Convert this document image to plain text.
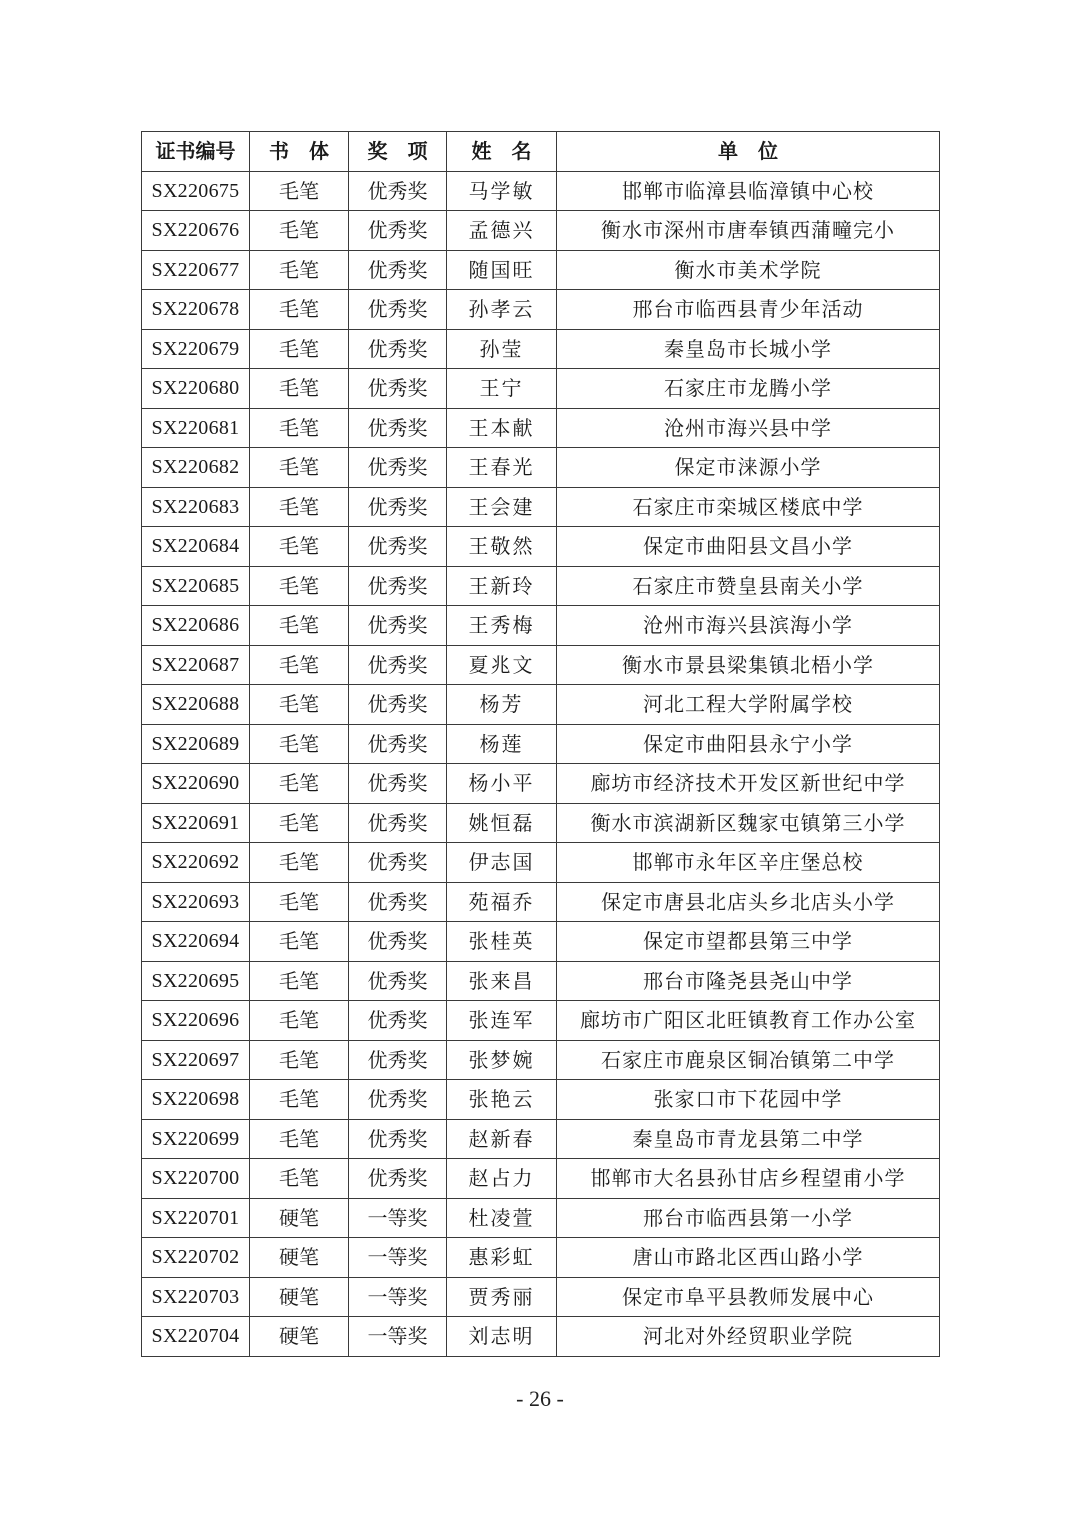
证书编号	书　体	奖　项	姓　名	单　位
SX220675	毛笔	优秀奖	马学敏	邯郸市临漳县临漳镇中心校
SX220676	毛笔	优秀奖	孟德兴	衡水市深州市唐奉镇西蒲疃完小
SX220677	毛笔	优秀奖	随国旺	衡水市美术学院
SX220678	毛笔	优秀奖	孙孝云	邢台市临西县青少年活动
SX220679	毛笔	优秀奖	孙莹	秦皇岛市长城小学
SX220680	毛笔	优秀奖	王宁	石家庄市龙腾小学
SX220681	毛笔	优秀奖	王本献	沧州市海兴县中学
SX220682	毛笔	优秀奖	王春光	保定市涞源小学
SX220683	毛笔	优秀奖	王会建	石家庄市栾城区楼底中学
SX220684	毛笔	优秀奖	王敬然	保定市曲阳县文昌小学
SX220685	毛笔	优秀奖	王新玲	石家庄市赞皇县南关小学
SX220686	毛笔	优秀奖	王秀梅	沧州市海兴县滨海小学
SX220687	毛笔	优秀奖	夏兆文	衡水市景县梁集镇北梧小学
SX220688	毛笔	优秀奖	杨芳	河北工程大学附属学校
SX220689	毛笔	优秀奖	杨莲	保定市曲阳县永宁小学
SX220690	毛笔	优秀奖	杨小平	廊坊市经济技术开发区新世纪中学
SX220691	毛笔	优秀奖	姚恒磊	衡水市滨湖新区魏家屯镇第三小学
SX220692	毛笔	优秀奖	伊志国	邯郸市永年区辛庄堡总校
SX220693	毛笔	优秀奖	苑福乔	保定市唐县北店头乡北店头小学
SX220694	毛笔	优秀奖	张桂英	保定市望都县第三中学
SX220695	毛笔	优秀奖	张来昌	邢台市隆尧县尧山中学
SX220696	毛笔	优秀奖	张连军	廊坊市广阳区北旺镇教育工作办公室
SX220697	毛笔	优秀奖	张梦婉	石家庄市鹿泉区铜冶镇第二中学
SX220698	毛笔	优秀奖	张艳云	张家口市下花园中学
SX220699	毛笔	优秀奖	赵新春	秦皇岛市青龙县第二中学
SX220700	毛笔	优秀奖	赵占力	邯郸市大名县孙甘店乡程望甫小学
SX220701	硬笔	一等奖	杜凌萱	邢台市临西县第一小学
SX220702	硬笔	一等奖	惠彩虹	唐山市路北区西山路小学
SX220703	硬笔	一等奖	贾秀丽	保定市阜平县教师发展中心
SX220704	硬笔	一等奖	刘志明	河北对外经贸职业学院
- 26 -
